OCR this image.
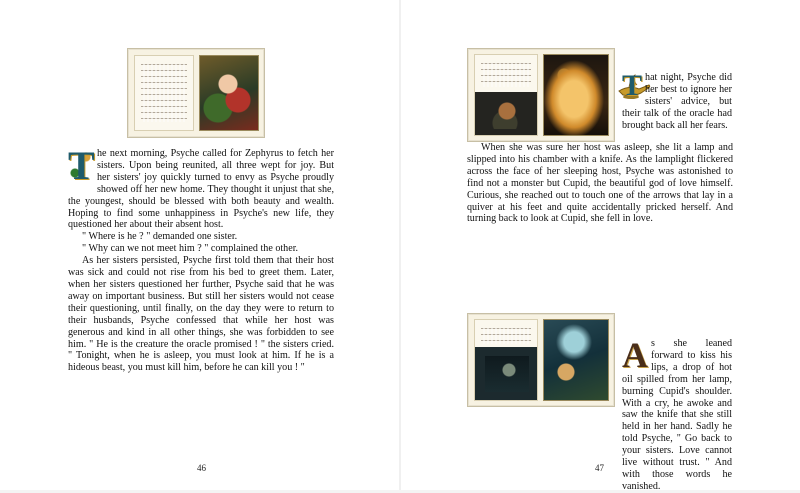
T he next morning, Psyche called for Zephyrus to fetch her sisters. Upon being reunited, all three wept for joy. But her sisters' joy quickly turned to envy as Psyche proudly showed off her new home. They thought it unjust that she, the youngest, should be blessed with both beauty and wealth. Hoping to find some unhappiness in Psyche's new life, they questioned her about their absent host.

" Where is he ? " demanded one sister.

" Why can we not meet him ? " complained the other.

As her sisters persisted, Psyche first told them that their host was sick and could not rise from his bed to greet them. Later, when her sisters questioned her further, Psyche said that he was away on important business. But still her sisters would not cease their questioning, until finally, on the day they were to return to their husbands, Psyche confessed that while her host was generous and kind in all other things, she was forbidden to see him. " He is the creature the oracle promised ! " the sisters cried. " Tonight, when he is asleep, you must look at him. If he is a hideous beast, you must kill him, before he can kill you ! "

46
T hat night, Psyche did her best to ignore her sisters' advice, but their talk of the oracle had brought back all her fears.

When she was sure her host was asleep, she lit a lamp and slipped into his chamber with a knife. As the lamplight flickered across the face of her sleeping host, Psyche was astonished to find not a monster but Cupid, the beautiful god of love himself. Curious, she reached out to touch one of the arrows that lay in a quiver at his feet and quite accidentally pricked herself. And turning back to look at Cupid, she fell in love.

A s she leaned forward to kiss his lips, a drop of hot oil spilled from her lamp, burning Cupid's shoulder. With a cry, he awoke and saw the knife that she still held in her hand. Sadly he told Psyche, " Go back to your sisters. Love cannot live without trust. " And with those words he vanished.

47
